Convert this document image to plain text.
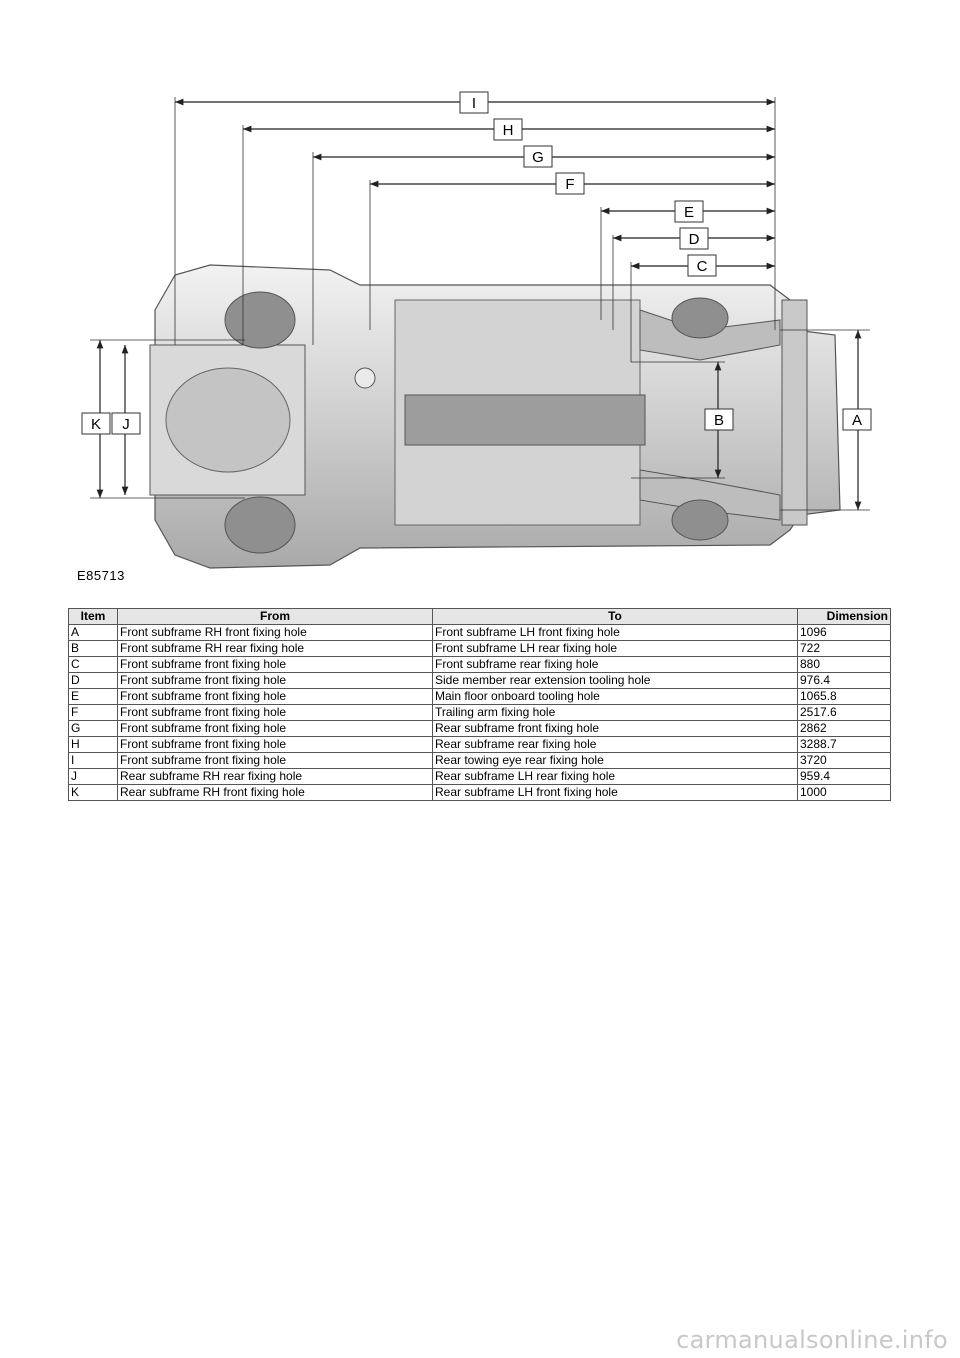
I
H
G
F
E
D
C
B	A
K J
E85713
Item	From	To	Dimension
A	Front subframe RH front fixing hole	Front subframe LH front fixing hole	1096
B	Front subframe RH rear fixing hole	Front subframe LH rear fixing hole	722
C	Front subframe front fixing hole	Front subframe rear fixing hole	880
D	Front subframe front fixing hole	Side member rear extension tooling hole	976.4
E	Front subframe front fixing hole	Main floor onboard tooling hole	1065.8
F	Front subframe front fixing hole	Trailing arm fixing hole	2517.6
G	Front subframe front fixing hole	Rear subframe front fixing hole	2862
H	Front subframe front fixing hole	Rear subframe rear fixing hole	3288.7
I	Front subframe front fixing hole	Rear towing eye rear fixing hole	3720
J	Rear subframe RH rear fixing hole	Rear subframe LH rear fixing hole	959.4
K	Rear subframe RH front fixing hole	Rear subframe LH front fixing hole	1000
carmanualsonline.info
